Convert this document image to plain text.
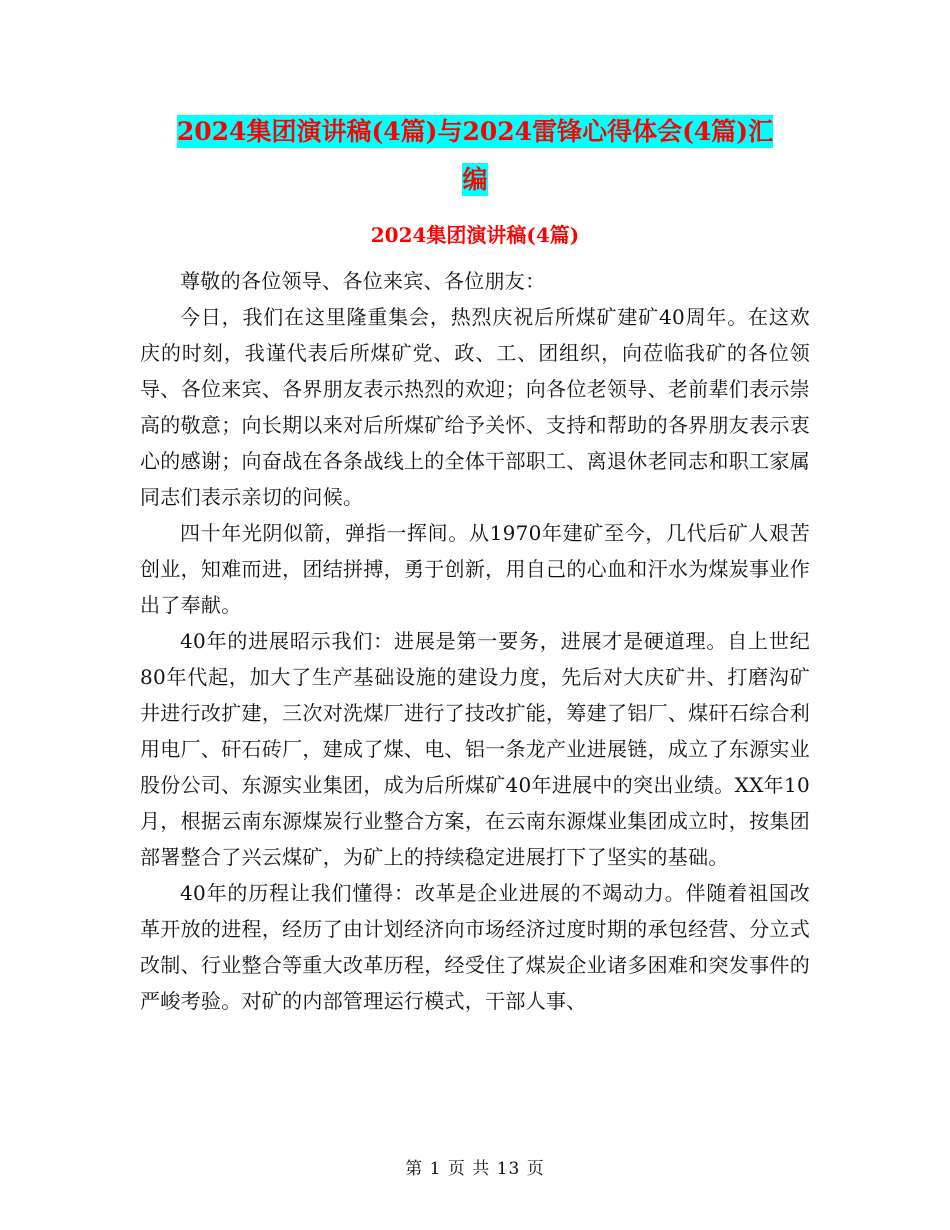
2024集团演讲稿(4篇)与2024雷锋心得体会(4篇)汇
编
2024集团演讲稿(4篇)

尊敬的各位领导、各位来宾、各位朋友：

今日，我们在这里隆重集会，热烈庆祝后所煤矿建矿40周年。在这欢庆的时刻，我谨代表后所煤矿党、政、工、团组织，向莅临我矿的各位领导、各位来宾、各界朋友表示热烈的欢迎；向各位老领导、老前辈们表示崇高的敬意；向长期以来对后所煤矿给予关怀、支持和帮助的各界朋友表示衷心的感谢；向奋战在各条战线上的全体干部职工、离退休老同志和职工家属同志们表示亲切的问候。

四十年光阴似箭，弹指一挥间。从1970年建矿至今，几代后矿人艰苦创业，知难而进，团结拼搏，勇于创新，用自己的心血和汗水为煤炭事业作出了奉献。

40年的进展昭示我们：进展是第一要务，进展才是硬道理。自上世纪80年代起，加大了生产基础设施的建设力度，先后对大庆矿井、打磨沟矿井进行改扩建，三次对洗煤厂进行了技改扩能，筹建了铝厂、煤矸石综合利用电厂、矸石砖厂，建成了煤、电、铝一条龙产业进展链，成立了东源实业股份公司、东源实业集团，成为后所煤矿40年进展中的突出业绩。XX年10月，根据云南东源煤炭行业整合方案，在云南东源煤业集团成立时，按集团部署整合了兴云煤矿，为矿上的持续稳定进展打下了坚实的基础。

40年的历程让我们懂得：改革是企业进展的不竭动力。伴随着祖国改革开放的进程，经历了由计划经济向市场经济过度时期的承包经营、分立式改制、行业整合等重大改革历程，经受住了煤炭企业诸多困难和突发事件的严峻考验。对矿的内部管理运行模式，干部人事、

第 1 页 共 13 页
